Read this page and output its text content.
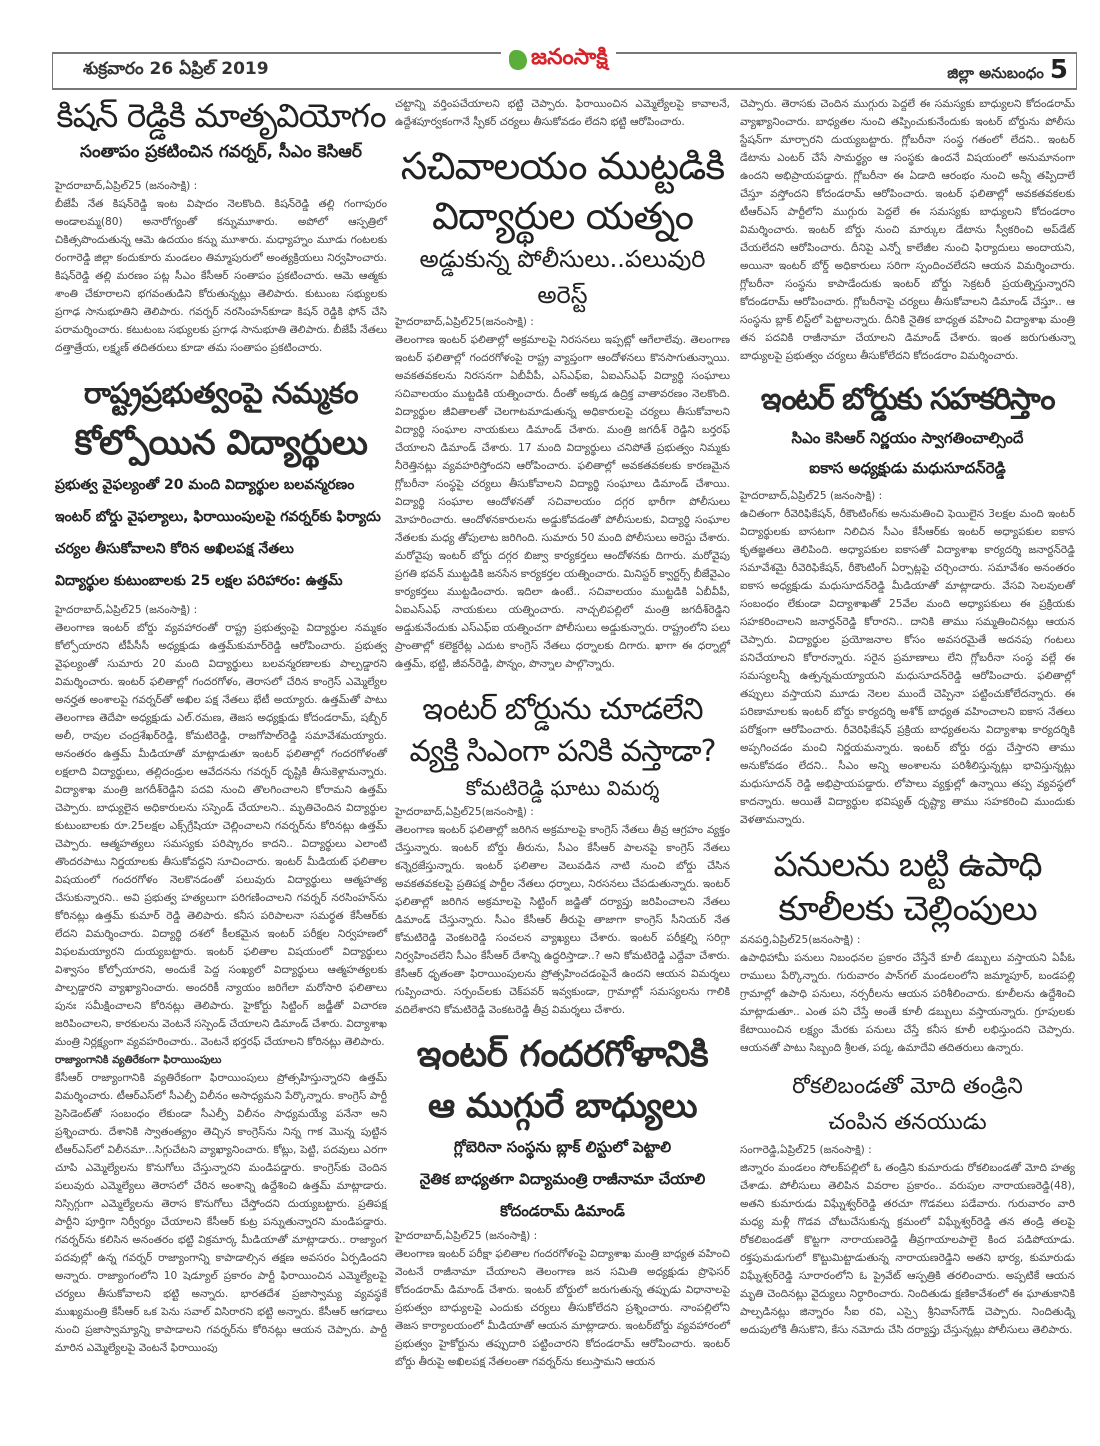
శుక్రవారం 26 ఏప్రిల్ 2019	జనంసాక్షి
జిల్లా అనుబంధం 5
కిషన్ రెడ్డికి మాతృవియోగం
సంతాపం ప్రకటించిన గవర్నర్, సీఎం కెసిఆర్

హైదరాబాద్,ఏప్రిల్25 (జనంసాక్షి) :

బీజేపీ నేత కిషన్‌రెడ్డి ఇంట విషాదం నెలకొంది. కిషన్‌రెడ్డి తల్లి గంగాపురం అండాలమ్మ(80) అనారోగ్యంతో కన్నుమూశారు. అపోలో ఆస్పత్రిలో చికిత్సపొందుతున్న ఆమె ఉదయం కన్ను మూశారు. మధ్యాహ్నం మూడు గంటలకు రంగారెడ్డి జిల్లా కందుకూరు మండలం తిమ్మాపురులో అంత్యక్రియలు నిర్వహించారు. కిషన్‌రెడ్డి తల్లి మరణం పట్ల సీఎం కేసీఆర్ సంతాపం ప్రకటించారు. ఆమె ఆత్మకు శాంతి చేకూరాలని భగవంతుడిని కోరుతున్నట్లు తెలిపారు. కుటుంబ సభ్యులకు ప్రగాఢ సానుభూతిని తెలిపారు. గవర్నర్ నరసింహన్‌కూడా కిషన్ రెడ్డికి ఫోన్ చేసి పరామర్శించారు. కటుటంబ సభ్యులకు ప్రగాఢ సానుభూతి తెలిపారు. బీజేపీ నేతలు దత్తాత్రేయ, లక్ష్మణ్ తదితరులు కూడా తమ సంతాపం ప్రకటించారు.

రాష్ట్రప్రభుత్వంపై నమ్మకం
కోల్పోయిన విద్యార్థులు

ప్రభుత్వ వైఫల్యంతో 20 మంది విద్యార్థుల బలవన్మరణం

ఇంటర్ బోర్డు వైఫల్యాలు, ఫిరాయింపులపై గవర్నర్‌కు ఫిర్యాదు

చర్యల తీసుకోవాలని కోరిన అఖిలపక్ష నేతలు

విద్యార్థుల కుటుంబాలకు 25 లక్షల పరిహారం: ఉత్తమ్

హైదరాబాద్,ఏప్రిల్25 (జనంసాక్షి) :

తెలంగాణ ఇంటర్ బోర్డు వ్యవహారంతో రాష్ట్ర ప్రభుత్వంపై విద్యార్థుల నమ్మకం కోల్పోయారని టీపీసీసీ అధ్యక్షుడు ఉత్తమ్‌కుమార్‌రెడ్డి ఆరోపించారు. ప్రభుత్వ వైఫల్యంతో సుమారు 20 మంది విద్యార్థులు బలవన్మరణాలకు పాల్పడ్డారని విమర్శించారు. ఇంటర్ ఫలితాల్లో గందరగోళం, తెరాసలో చేరిన కాంగ్రెస్ ఎమ్మెల్యేల అనర్హత అంశాలపై గవర్నర్‌తో అఖిల పక్ష నేతలు భేటీ అయ్యారు. ఉత్తమ్‌తో పాటు తెలంగాణ తెదేపా అధ్యక్షుడు ఎల్.రమణ, తెజస అధ్యక్షుడు కోదండరామ్, షబ్బీర్ అలీ, రావుల చంద్రశేఖర్‌రెడ్డి, కోమటిరెడ్డి, రాజగోపాల్‌రెడ్డి సమావేశమయ్యారు. అనంతరం ఉత్తమ్ మీడియాతో మాట్లాడుతూ ఇంటర్ ఫలితాల్లో గందరగోళంతో లక్షలాది విద్యార్థులు, తల్లిదండ్రుల ఆవేదనను గవర్నర్ దృష్టికి తీసుకెళ్లామన్నారు. విద్యాశాఖ మంత్రి జగదీశ్‌రెడ్డిని పదవి నుంచి తొలగించాలని కోరామని ఉత్తమ్ చెప్పారు. బాధ్యులైన అధికారులను సస్పెండ్ చేయాలని.. మృతిచెందిన విద్యార్థుల కుటుంబాలకు రూ.25లక్షల ఎక్స్‌గ్రేషియా చెల్లించాలని గవర్నర్‌ను కోరినట్లు ఉత్తమ్ చెప్పారు. ఆత్మహత్యలు సమస్యకు పరిష్కారం కాదని.. విద్యార్థులు ఎలాంటి తొందరపాటు నిర్ణయాలకు తీసుకోవద్దని సూచించారు. ఇంటర్ మీడియట్ ఫలితాల విషయంలో గందరగోళం నెలకొనడంతో పలువురు విద్యార్థులు ఆత్మహత్య చేసుకున్నారని.. అవి ప్రభుత్వ హత్యలుగా పరిగణించాలని గవర్నర్ నరసింహన్‌ను కోరినట్లు ఉత్తమ్ కుమార్ రెడ్డి తెలిపారు. కనీస పరిపాలనా సమర్థత కేసీఆర్‌కు లేదని విమర్శించారు. విద్యార్థి దశలో కీలకమైన ఇంటర్ పరీక్షల నిర్వహణలో విఫలమయ్యారని దుయ్యబట్టారు. ఇంటర్ ఫలితాల విషయంలో విద్యార్థులు విశ్వాసం కోల్పోయారని, అందుకే పెద్ద సంఖ్యలో విద్యార్థులు ఆత్మహత్యలకు పాల్పడ్డారని వ్యాఖ్యానించారు. అందరికీ న్యాయం జరిగేలా మరోసారి ఫలితాలు పునః సమీక్షించాలని కోరినట్లు తెలిపారు. హైకోర్టు సిట్టింగ్ జడ్జీతో విచారణ జరిపించాలని, కారకులను వెంటనే సస్పెండ్ చేయాలని డిమాండ్ చేశారు. విద్యాశాఖ మంత్రి నిర్లక్ష్యంగా వ్యవహరించారు.. వెంటనే భర్తరఫ్ చేయాలని కోరినట్లు తెలిపారు.

రాజ్యాంగానికి వ్యతిరేకంగా ఫిరాయింపులు

కేసీఆర్ రాజ్యాంగానికి వ్యతిరేకంగా ఫిరాయింపులు ప్రోత్సహిస్తున్నారని ఉత్తమ్ విమర్శించారు. టీఆర్ఎస్‌లో సీఎల్పీ విలీనం అసాధ్యమని పేర్కొన్నారు. కాంగ్రెస్ పార్టీ ప్రెసిడెంట్‌తో సంబంధం లేకుండా సీఎల్పీ విలీనం సాధ్యమయ్యే పనేనా అని ప్రశ్నించారు. దేశానికి స్వాతంత్య్రం తెచ్చిన కాంగ్రెస్‌ను నిన్న గాక మొన్న పుట్టిన టీఆర్ఎస్‌లో విలీనమా...సిగ్గుచేటని వ్యాఖ్యానించారు. కోట్లు, పెట్టి, పదవులు ఎరగా చూపి ఎమ్మెల్యేలను కొనుగోలు చేస్తున్నారని మండిపడ్డారు. కాంగ్రెస్‌కు చెందిన పలువురు ఎమ్మెల్యేలు తెరాసలో చేరిన అంశాన్ని ఉద్దేశించి ఉత్తమ్ మాట్లాడారు. నిస్సిగ్గుగా ఎమ్మెల్యేలను తెరాస కొనుగోలు చేస్తోందని దుయ్యబట్టారు. ప్రతిపక్ష పార్టీని పూర్తిగా నిర్వీర్యం చేయాలని కేసీఆర్ కుట్ర పన్నుతున్నారని మండిపడ్డారు. గవర్నర్‌ను కలిసిన అనంతరం భట్టి విక్రమార్క మీడియాతో మాట్లాడారు.. రాజ్యాంగ పదవుల్లో ఉన్న గవర్నర్ రాజ్యాంగాన్ని కాపాడాల్సిన తక్షణ అవసరం ఏర్పడిందని అన్నారు. రాజ్యాంగంలోని 10 షెడ్యూల్ ప్రకారం పార్టీ ఫిరాయించిన ఎమ్మెల్యేలపై చర్యలు తీసుకోవాలని భట్టి అన్నారు. భారతదేశ ప్రజాస్వామ్య వ్యవస్థకే ముఖ్యమంత్రి కేసీఆర్ ఒక పెను సవాల్ విసిరారని భట్టి అన్నారు. కేసీఆర్ ఆగడాలు నుంచి ప్రజాస్వామ్యాన్ని కాపాడాలని గవర్నర్‌ను కోరినట్లు ఆయన చెప్పారు. పార్టీ మారిన ఎమ్మెల్యేలపై వెంటనే ఫిరాయింపు

చట్టాన్ని వర్తింపచేయాలని భట్టి చెప్పారు. ఫిరాయించిన ఎమ్మెల్యేలపై కావాలనే, ఉద్దేశపూర్వకంగానే స్పీకర్ చర్యలు తీసుకోవడం లేదని భట్టి ఆరోపించారు.

సచివాలయం ముట్టడికి
విద్యార్థుల యత్నం
అడ్డుకున్న పోలీసులు..పలువురి అరెస్ట్

హైదరాబాద్,ఏప్రిల్25(జనంసాక్షి) :

తెలంగాణ ఇంటర్ ఫలితాల్లో అక్రమాలపై నిరసనలు ఇప్పట్లో ఆగేలాలేవు. తెలంగాణ ఇంటర్ ఫలితాల్లో గందరగోళంపై రాష్ట్ర వ్యాప్తంగా ఆందోళనలు కొనసాగుతున్నాయి. అవకతవకలను నిరసనగా ఏబీవీపీ, ఎస్ఎఫ్ఐ, ఏఐఎస్ఎఫ్ విద్యార్థి సంఘాలు సచివాలయం ముట్టడికి యత్నించారు. దీంతో అక్కడ ఉద్రిక్త వాతావరణం నెలకొంది. విద్యార్థుల జీవితాలతో చెలగాటమాడుతున్న అధికారులపై చర్యలు తీసుకోవాలని విద్యార్థి సంఘాల నాయకులు డిమాండ్ చేశారు. మంత్రి జగదీశ్ రెడ్డిని బర్తరఫ్ చేయాలని డిమాండ్ చేశారు. 17 మంది విద్యార్థులు చనిపోతే ప్రభుత్వం నిమ్మకు నీరెత్తినట్లు వ్యవహరిస్తోందని ఆరోపించారు. ఫలితాల్లో అవకతవకలకు కారణమైన గ్లోబరీనా సంస్థపై చర్యలు తీసుకోవాలని విద్యార్థి సంఘాలు డిమాండ్ చేశాయి. విద్యార్థి సంఘాల ఆందోళనతో సచివాలయం దగ్గర భారీగా పోలీసులు మోహరించారు. ఆందోళనకారులను అడ్డుకోవడంతో పోలీసులకు, విద్యార్థి సంఘాల నేతలకు మధ్య తోపులాట జరిగింది. సుమారు 50 మంది పోలీసులు అరెస్టు చేశారు. మరోవైపు ఇంటర్ బోర్డు దగ్గర బిజ్వా కార్యకర్తలు ఆందోళనకు దిగారు. మరోవైపు ప్రగతి భవన్ ముట్టడికి జనసేన కార్యకర్తల యత్నించారు. మినిస్టర్ క్వార్టర్స్ బీజేవైఎం కార్యకర్తలు ముట్టడించారు. ఇదిలా ఉంటే.. సచివాలయం ముట్టడికి ఏబీవీపీ, ఏఐఎస్ఎఫ్ నాయకులు యత్నించారు. నాచ్చలిపల్లిలో మంత్రి జగదీశ్‌రెడ్డిని అడ్డుకునేందుకు ఎస్ఎఫ్ఐ యత్నించగా పోలీసులు అడ్డుకున్నారు. రాష్ట్రంలోని పలు ప్రాంతాల్లో కలెక్టరేట్ల ఎదుట కాంగ్రెస్ నేతలు ధర్నాలకు దిగారు. ఖాగా ఈ ధర్నాల్లో ఉత్తమ్, భట్టి, జీవన్‌రెడ్డి, పొన్నం, పొన్నాల పాల్గొన్నారు.

ఇంటర్ బోర్డును చూడలేని
వ్యక్తి సిఎంగా పనికి వస్తాడా?
కోమటిరెడ్డి ఘాటు విమర్శ

హైదరాబాద్,ఏప్రిల్25(జనంసాక్షి) :

తెలంగాణ ఇంటర్ ఫలితాల్లో జరిగిన అక్రమాలపై కాంగ్రెస్ నేతలు తీవ్ర ఆగ్రహం వ్యక్తం చేస్తున్నారు. ఇంటర్ బోర్డు తీరును, సీఎం కేసీఆర్ పాలనపై కాంగ్రెస్ నేతలు కన్నెర్రజేస్తున్నారు. ఇంటర్ ఫలితాల వెలువడిన నాటి నుంచి బోర్డు చేసిన అవకతవకలపై ప్రతిపక్ష పార్టీల నేతలు ధర్నాలు, నిరసనలు చేపడుతున్నారు. ఇంటర్ ఫలితాల్లో జరిగిన అక్రమాలపై సిట్టింగ్ జడ్జితో దర్యాప్తు జరిపించాలని నేతలు డిమాండ్ చేస్తున్నారు. సీఎం కేసీఆర్ తీరుపై తాజాగా కాంగ్రెస్ సీనియర్ నేత కోమటిరెడ్డి వెంకటరెడ్డి సంచలన వ్యాఖ్యలు చేశారు. ఇంటర్ పరీక్షల్ని సరిగ్గా నిర్వహించలేని సీఎం కేసీఆర్ దేశాన్ని ఉద్ధరిస్తాడా..? అని కోమటిరెడ్డి ఎద్దేవా చేశారు. కేసీఆర్ ధృతంతా ఫిరాయింపులను ప్రోత్సహించడంపైనే ఉందని ఆయన విమర్శలు గుప్పించారు. సర్పంచ్‌లకు చెక్‌పవర్ ఇవ్వకుండా, గ్రామాల్లో సమస్యలను గాలికి వదిలేశారని కోమటిరెడ్డి వెంకటరెడ్డి తీవ్ర విమర్శలు చేశారు.

ఇంటర్ గందరగోళానికి
ఆ ముగ్గురే బాధ్యులు

గ్లోబెరినా సంస్థను బ్లాక్ లిస్టులో పెట్టాలి

నైతిక బాధ్యతగా విద్యామంత్రి రాజీనామా చేయాలి

కోదండరామ్ డిమాండ్

హైదరాబాద్,ఏప్రిల్25 (జనంసాక్షి) :

తెలంగాణ ఇంటర్ పరీక్షా ఫలితాల గందరగోళంపై విద్యాశాఖ మంత్రి బాధ్యత వహించి వెంటనే రాజీనామా చేయాలని తెలంగాణ జన సమితి అధ్యక్షుడు ప్రొఫెసర్ కోదండరామ్ డిమాండ్ చేశారు. ఇంటర్ బోర్డులో జరుగుతున్న తప్పుడు విధానాలపై ప్రభుత్వం బాధ్యులపై ఎందుకు చర్యలు తీసుకోలేదని ప్రశ్నించారు. నాంపల్లిలోని తెజస కార్యాలయంలో మీడియాతో ఆయన మాట్లాడారు. ఇంటర్‌బోర్డు వ్యవహారంలో ప్రభుత్వం హైకోర్టును తప్పుదారి పట్టించారని కోదండరామ్ ఆరోపించారు. ఇంటర్ బోర్డు తీరుపై అఖిలపక్ష నేతలంతా గవర్నర్‌ను కలుస్తామని ఆయన

చెప్పారు. తెరాసకు చెందిన ముగ్గురు పెద్దలే ఈ సమస్యకు బాధ్యులని కోదండరామ్ వ్యాఖ్యానించారు. బాధ్యతల నుంచి తప్పించుకునేందుకు ఇంటర్ బోర్డును పోలీసు స్టేషన్‌గా మార్చారని దుయ్యబట్టారు. గ్లోబరీనా సంస్థ గతంలో లేదని.. ఇంటర్ డేటాను ఎంటర్ చేసే సామర్థ్యం ఆ సంస్థకు ఉందనే విషయంలో అనుమానంగా ఉందని అభిప్రాయపడ్డారు. గ్లోబరీనా ఈ ఏడాది ఆరంభం నుంచి అన్నీ తప్పిదాలే చేస్తూ వస్తోందని కోదండరామ్ ఆరోపించారు. ఇంటర్ ఫలితాల్లో అవకతవకలకు టీఆర్ఎస్ పార్టీలోని ముగ్గురు పెద్దలే ఈ సమస్యకు బాధ్యులని కోదండరాం విమర్శించారు. ఇంటర్ బోర్డు నుంచి మార్కుల డేటాను స్వీకరించి అప్‌డేట్ చేయలేదని ఆరోపించారు. దీనిపై ఎన్నో కాలేజీల నుంచి ఫిర్యాదులు అందాయని, అయినా ఇంటర్ బోర్డ్ అధికారులు సరిగా స్పందించలేదని ఆయన విమర్శించారు. గ్లోబరీనా సంస్థను కాపాడేందుకు ఇంటర్ బోర్డు సెక్రటరీ ప్రయత్నిస్తున్నారని కోదండరామ్ ఆరోపించారు. గ్లోబరీనాపై చర్యలు తీసుకోవాలని డిమాండ్ చేస్తూ.. ఆ సంస్థను బ్లాక్ లిస్ట్‌లో పెట్టాలన్నారు. దీనికి నైతిక బాధ్యత వహించి విద్యాశాఖ మంత్రి తన పదవికి రాజీనామా చేయాలని డిమాండ్ చేశారు. ఇంత జరుగుతున్నా బాధ్యులపై ప్రభుత్వం చర్యలు తీసుకోలేదని కోదండరాం విమర్శించారు.

ఇంటర్ బోర్డుకు సహకరిస్తాం

సిఎం కెసిఆర్ నిర్ణయం స్వాగతించాల్సిందే

ఐకాస అధ్యక్షుడు మధుసూదన్‌రెడ్డి

హైదరాబాద్,ఏప్రిల్25 (జనంసాక్షి) :

ఉచితంగా రీవెరిఫికేషన్, రీకౌంటింగ్‌కు అనుమతించి ఫెయిలైన 3లక్షల మంది ఇంటర్ విద్యార్థులకు బాసటగా నిలిచిన సీఎం కేసీఆర్‌కు ఇంటర్ అధ్యాపకుల ఐకాస కృతజ్ఞతలు తెలిపింది. అధ్యాపకుల ఐకాసతో విద్యాశాఖ కార్యదర్శి జనార్దన్‌రెడ్డి సమావేశమై రీవెరిఫికేషన్, రీకౌంటింగ్ ఏర్పాట్లపై చర్చించారు. సమావేశం అనంతరం ఐకాస అధ్యక్షుడు మధుసూదన్‌రెడ్డి మీడియాతో మాట్లాడారు. వేసవి సెలవులతో సంబంధం లేకుండా విద్యాశాఖతో 25వేల మంది అధ్యాపకులు ఈ ప్రక్రియకు సహకరించాలని జనార్దన్‌రెడ్డి కోరారని.. దానికి తాము సమ్మతించినట్లు ఆయన చెప్పారు. విద్యార్థుల ప్రయోజనాల కోసం అవసరమైతే అదనపు గంటలు పనిచేయాలని కోరారన్నారు. సరైన ప్రమాణాలు లేని గ్లోబరీనా సంస్థ వల్లే ఈ సమస్యలన్నీ ఉత్పన్నమయ్యాయని మధుసూదన్‌రెడ్డి ఆరోపించారు. ఫలితాల్లో తప్పులు వస్తాయని మూడు నెలల ముందే చెప్పినా పట్టించుకోలేదన్నారు. ఈ పరిణామాలకు ఇంటర్ బోర్డు కార్యదర్శి అశోక్ బాధ్యత వహించాలని ఐకాస నేతలు పరోక్షంగా ఆరోపించారు. రీవెరిఫికేషన్ ప్రక్రియ బాధ్యతలను విద్యాశాఖ కార్యదర్శికి అప్పగించడం మంచి నిర్ణయమన్నారు. ఇంటర్ బోర్డు రద్దు చేస్తారని తాము అనుకోవడం లేదని.. సీఎం అన్ని అంశాలను పరిశీలిస్తున్నట్లు భావిస్తున్నట్లు మధుసూదన్ రెడ్డి అభిప్రాయపడ్డారు. లోపాలు వ్యక్తుల్లో ఉన్నాయి తప్ప వ్యవస్థలో కాదన్నారు. అయితే విద్యార్థుల భవిష్యత్ దృష్ట్యా తాము సహకరించి ముందుకు వెళతామన్నారు.

పనులను బట్టి ఉపాధి
కూలీలకు చెల్లింపులు

వనపర్తి,ఏప్రిల్25(జనంసాక్షి) :

ఉపాధిహామీ పనులు నిబంధనల ప్రకారం చేస్తేనే కూలీ డబ్బులు వస్తాయని ఏపీఓ రాములు పేర్కొన్నారు. గురువారం పాన్‌గల్ మండలంలోని జమ్మాపూర్, బండపల్లి గ్రామాల్లో ఉపాధి పనులు, నర్సరీలను ఆయన పరిశీలించారు. కూలీలను ఉద్దేశించి మాట్లాడుతూ.. ఎంత పని చేస్తే అంతే కూలీ డబ్బులు వస్తాయన్నారు. గ్రూపులకు కేటాయించిన లక్ష్యం మేరకు పనులు చేస్తే కనీస కూలీ లభిస్తుందని చెప్పారు. ఆయనతో పాటు సిబ్బంది శ్రీలత, పద్మ, ఉమాదేవి తదితరులు ఉన్నారు.

రోకలిబండతో మోది తండ్రిని
చంపిన తనయుడు

సంగారెడ్డి,ఏప్రిల్25 (జనంసాక్షి) :

జిన్నారం మండలం సోలక్‌పల్లిలో ఓ తండ్రిని కుమారుడు రోకలిబండతో మోది హత్య చేశాడు. పోలీసులు తెలిపిన వివరాల ప్రకారం.. వరుపుల నారాయణరెడ్డి(48), అతని కుమారుడు విఘ్నేశ్వర్‌రెడ్డి తరచూ గొడవలు పడేవారు. గురువారం వారి మధ్య మళ్లీ గొడవ చోటుచేసుకున్న క్రమంలో విఘ్నేశ్వర్‌రెడ్డి తన తండ్రి తలపై రోకలిబండతో కొట్టగా నారాయణరెడ్డి తీవ్రగాయాలపాలై కింద పడిపోయాడు. రక్తపుమడుగులో కొట్టుమిట్టాడుతున్న నారాయణరెడ్డిని అతని భార్య, కుమారుడు విఘ్నేశ్వర్‌రెడ్డి సూరారంలోని ఓ ప్రైవేట్ ఆస్పత్రికి తరలించారు. అప్పటికే ఆయన మృతి చెందినట్లు వైద్యులు నిర్ధారించారు. నిందితుడు క్షణికావేశంలో ఈ ఘాతుకానికి పాల్పడినట్లు జిన్నారం సీఐ రవి, ఎస్సై శ్రీనివాస్‌గౌడ్ చెప్పారు. నిందితుడ్ని అదుపులోకి తీసుకొని, కేసు నమోదు చేసి దర్యాప్తు చేస్తున్నట్లు పోలీసులు తెలిపారు.
